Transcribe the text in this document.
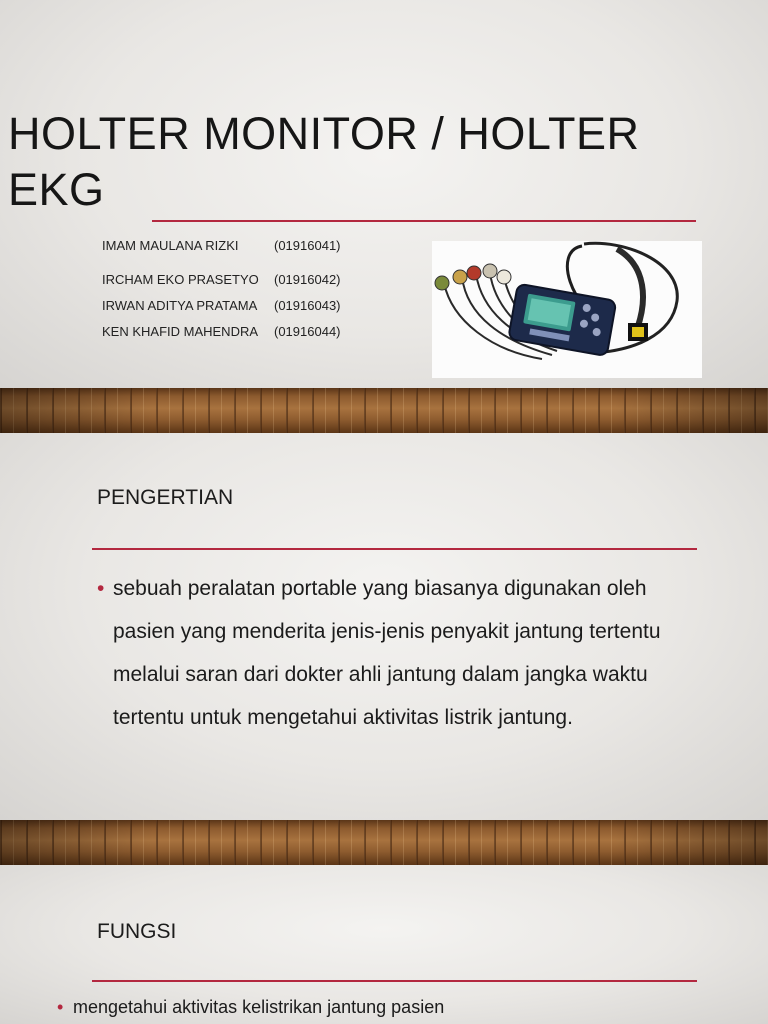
HOLTER MONITOR / HOLTER EKG
IMAM MAULANA RIZKI	(01916041)
IRCHAM EKO PRASETYO (01916042)
IRWAN ADITYA PRATAMA (01916043)
KEN KHAFID MAHENDRA (01916044)
PENGERTIAN
• sebuah peralatan portable yang biasanya digunakan oleh pasien yang menderita jenis-jenis penyakit jantung tertentu melalui saran dari dokter ahli jantung dalam jangka waktu tertentu untuk mengetahui aktivitas listrik jantung.
FUNGSI
• mengetahui aktivitas kelistrikan jantung pasien
